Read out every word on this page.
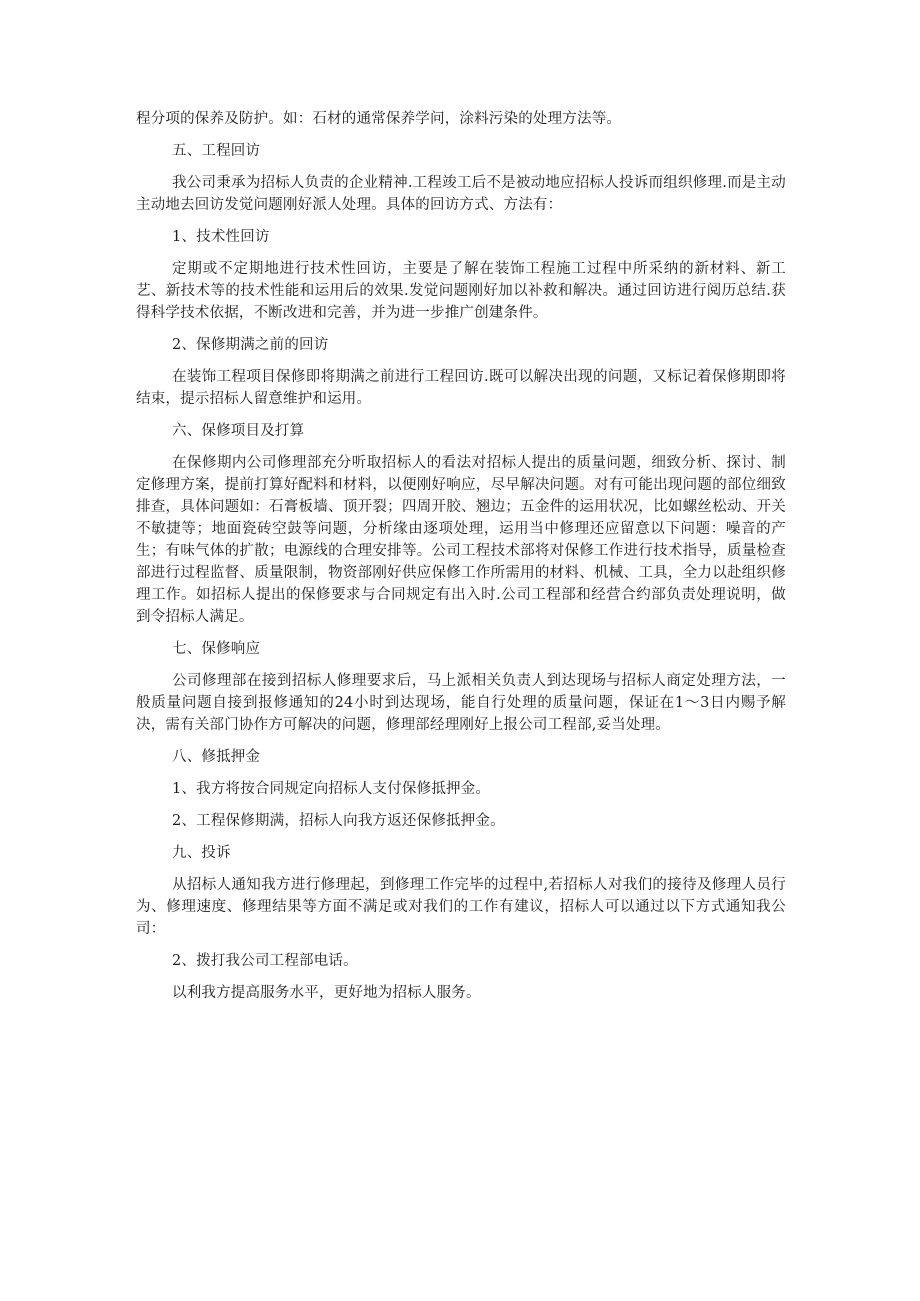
程分项的保养及防护。如：石材的通常保养学问，涂料污染的处理方法等。

五、工程回访

我公司秉承为招标人负责的企业精神.工程竣工后不是被动地应招标人投诉而组织修理.而是主动主动地去回访发觉问题刚好派人处理。具体的回访方式、方法有：

1、技术性回访

定期或不定期地进行技术性回访，主要是了解在装饰工程施工过程中所采纳的新材料、新工艺、新技术等的技术性能和运用后的效果.发觉问题刚好加以补救和解决。通过回访进行阅历总结.获得科学技术依据，不断改进和完善，并为进一步推广创建条件。

2、保修期满之前的回访

在装饰工程项目保修即将期满之前进行工程回访.既可以解决出现的问题，又标记着保修期即将结束，提示招标人留意维护和运用。

六、保修项目及打算

在保修期内公司修理部充分听取招标人的看法对招标人提出的质量问题，细致分析、探讨、制定修理方案，提前打算好配料和材料，以便刚好响应，尽早解决问题。对有可能出现问题的部位细致排查，具体问题如：石膏板墙、顶开裂；四周开胶、翘边；五金件的运用状况，比如螺丝松动、开关不敏捷等；地面瓷砖空鼓等问题，分析缘由逐项处理，运用当中修理还应留意以下问题：噪音的产生；有味气体的扩散；电源线的合理安排等。公司工程技术部将对保修工作进行技术指导，质量检查部进行过程监督、质量限制，物资部刚好供应保修工作所需用的材料、机械、工具，全力以赴组织修理工作。如招标人提出的保修要求与合同规定有出入时.公司工程部和经营合约部负责处理说明，做到令招标人满足。

七、保修响应

公司修理部在接到招标人修理要求后，马上派相关负责人到达现场与招标人商定处理方法，一般质量问题自接到报修通知的24小时到达现场，能自行处理的质量问题，保证在1～3日内赐予解决，需有关部门协作方可解决的问题，修理部经理刚好上报公司工程部,妥当处理。

八、修抵押金

1、我方将按合同规定向招标人支付保修抵押金。

2、工程保修期满，招标人向我方返还保修抵押金。

九、投诉

从招标人通知我方进行修理起，到修理工作完毕的过程中,若招标人对我们的接待及修理人员行为、修理速度、修理结果等方面不满足或对我们的工作有建议，招标人可以通过以下方式通知我公司：

2、拨打我公司工程部电话。

以利我方提高服务水平，更好地为招标人服务。
